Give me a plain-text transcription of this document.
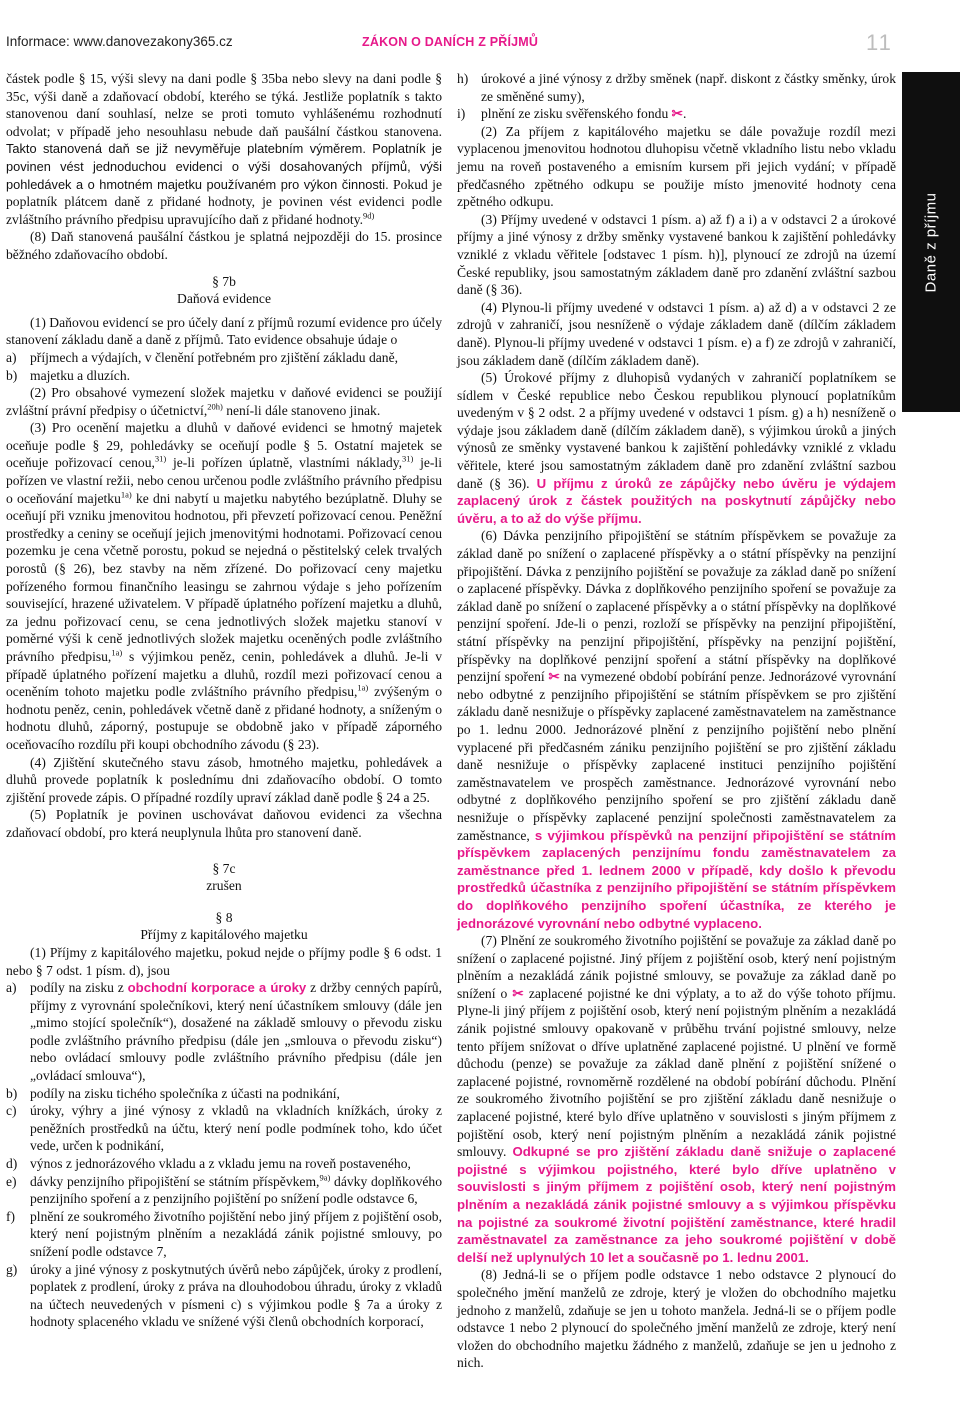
Informace: www.danovezakony365.cz	ZÁKON O DANÍCH Z PŘÍJMŮ	11
Daně z příjmu

částek podle § 15, výši slevy na dani podle § 35ba nebo slevy na dani podle § 35c, výši daně a zdaňovací období, kterého se týká. Jestliže poplatník s takto stanovenou daní souhlasí, nelze se proti tomuto vyhlášenému rozhodnutí odvolat; v případě jeho nesouhlasu nebude daň paušální částkou stanovena. Takto stanovená daň se již nevyměřuje platebním výměrem. Poplatník je povinen vést jednoduchou evidenci o výši dosahovaných příjmů, výši pohledávek a o hmotném majetku používaném pro výkon činnosti. Pokud je poplatník plátcem daně z přidané hodnoty, je povinen vést evidenci podle zvláštního právního předpisu upravujícího daň z přidané hodnoty.$^{9d)}$

(8) Daň stanovená paušální částkou je splatná nejpozději do 15. prosince běžného zdaňovacího období.

§ 7b

Daňová evidence

(1) Daňovou evidencí se pro účely daní z příjmů rozumí evidence pro účely stanovení základu daně a daně z příjmů. Tato evidence obsahuje údaje o

a) příjmech a výdajích, v členění potřebném pro zjištění základu daně,
b) majetku a dluzích.

(2) Pro obsahové vymezení složek majetku v daňové evidenci se použijí zvláštní právní předpisy o účetnictví,$^{20h)}$ není-li dále stanoveno jinak.

(3) Pro ocenění majetku a dluhů v daňové evidenci se hmotný majetek oceňuje podle § 29, pohledávky se oceňují podle § 5. Ostatní majetek se oceňuje pořizovací cenou,$^{31)}$ je-li pořízen úplatně, vlastními náklady,$^{31)}$ je-li pořízen ve vlastní režii, nebo cenou určenou podle zvláštního právního předpisu o oceňování majetku$^{1a)}$ ke dni nabytí u majetku nabytého bezúplatně. Dluhy se oceňují při vzniku jmenovitou hodnotou, při převzetí pořizovací cenou. Peněžní prostředky a ceniny se oceňují jejich jmenovitými hodnotami. Pořizovací cenou pozemku je cena včetně porostu, pokud se nejedná o pěstitelský celek trvalých porostů (§ 26), bez stavby na něm zřízené. Do pořizovací ceny majetku pořízeného formou finančního leasingu se zahrnou výdaje s jeho pořízením související, hrazené uživatelem. V případě úplatného pořízení majetku a dluhů, za jednu pořizovací cenu, se cena jednotlivých složek majetku stanoví v poměrné výši k ceně jednotlivých složek majetku oceněných podle zvláštního právního předpisu,$^{1a)}$ s výjimkou peněz, cenin, pohledávek a dluhů. Je-li v případě úplatného pořízení majetku a dluhů, rozdíl mezi pořizovací cenou a oceněním tohoto majetku podle zvláštního právního předpisu,$^{1a)}$ zvýšeným o hodnotu peněz, cenin, pohledávek včetně daně z přidané hodnoty, a sníženým o hodnotu dluhů, záporný, postupuje se obdobně jako v případě záporného oceňovacího rozdílu při koupi obchodního závodu (§ 23).

(4) Zjištění skutečného stavu zásob, hmotného majetku, pohledávek a dluhů provede poplatník k poslednímu dni zdaňovacího období. O tomto zjištění provede zápis. O případné rozdíly upraví základ daně podle § 24 a 25.

(5) Poplatník je povinen uschovávat daňovou evidenci za všechna zdaňovací období, pro která neuplynula lhůta pro stanovení daně.

§ 7c

zrušen

§ 8

Příjmy z kapitálového majetku

(1) Příjmy z kapitálového majetku, pokud nejde o příjmy podle § 6 odst. 1 nebo § 7 odst. 1 písm. d), jsou

a) podíly na zisku z obchodní korporace a úroky z držby cenných papírů, příjmy z vyrovnání společníkovi, který není účastníkem smlouvy (dále jen „mimo stojící společník“), dosažené na základě smlouvy o převodu zisku podle zvláštního právního předpisu (dále jen „smlouva o převodu zisku“) nebo ovládací smlouvy podle zvláštního právního předpisu (dále jen „ovládací smlouva“),
b) podíly na zisku tichého společníka z účasti na podnikání,
c) úroky, výhry a jiné výnosy z vkladů na vkladních knížkách, úroky z peněžních prostředků na účtu, který není podle podmínek toho, kdo účet vede, určen k podnikání,
d) výnos z jednorázového vkladu a z vkladu jemu na roveň postaveného,
e) dávky penzijního připojištění se státním příspěvkem,$^{9a)}$ dávky doplňkového penzijního spoření a z penzijního pojištění po snížení podle odstavce 6,
f)	plnění ze soukromého životního pojištění nebo jiný příjem z pojištění osob, který není pojistným plněním a nezakládá zánik pojistné smlouvy, po snížení podle odstavce 7,
g) úroky a jiné výnosy z poskytnutých úvěrů nebo zápůjček, úroky z prodlení, poplatek z prodlení, úroky z práva na dlouhodobou úhradu, úroky z vkladů na účtech neuvedených v písmeni c) s výjimkou podle § 7a a úroky z hodnoty splaceného vkladu ve snížené výši členů obchodních korporací,
h) úrokové a jiné výnosy z držby směnek (např. diskont z částky směnky, úrok ze směněné sumy),
i)	plnění ze zisku svěřenského fondu ✂.

(2) Za příjem z kapitálového majetku se dále považuje rozdíl mezi vyplacenou jmenovitou hodnotou dluhopisu včetně vkladního listu nebo vkladu jemu na roveň postaveného a emisním kursem při jejich vydání; v případě předčasného zpětného odkupu se použije místo jmenovité hodnoty cena zpětného odkupu.

(3) Příjmy uvedené v odstavci 1 písm. a) až f) a i) a v odstavci 2 a úrokové příjmy a jiné výnosy z držby směnky vystavené bankou k zajištění pohledávky vzniklé z vkladu věřitele [odstavec 1 písm. h)], plynoucí ze zdrojů na území České republiky, jsou samostatným základem daně pro zdanění zvláštní sazbou daně (§ 36).

(4) Plynou-li příjmy uvedené v odstavci 1 písm. a) až d) a v odstavci 2 ze zdrojů v zahraničí, jsou nesníženě o výdaje základem daně (dílčím základem daně). Plynou-li příjmy uvedené v odstavci 1 písm. e) a f) ze zdrojů v zahraničí, jsou základem daně (dílčím základem daně).

(5) Úrokové příjmy z dluhopisů vydaných v zahraničí poplatníkem se sídlem v České republice nebo Českou republikou plynoucí poplatníkům uvedeným v § 2 odst. 2 a příjmy uvedené v odstavci 1 písm. g) a h) nesníženě o výdaje jsou základem daně (dílčím základem daně), s výjimkou úroků a jiných výnosů ze směnky vystavené bankou k zajištění pohledávky vzniklé z vkladu věřitele, které jsou samostatným základem daně pro zdanění zvláštní sazbou daně (§ 36). U příjmu z úroků ze zápůjčky nebo úvěru je výdajem zaplacený úrok z částek použitých na poskytnutí zápůjčky nebo úvěru, a to až do výše příjmu.

(6) Dávka penzijního připojištění se státním příspěvkem se považuje za základ daně po snížení o zaplacené příspěvky a o státní příspěvky na penzijní připojištění. Dávka z penzijního pojištění se považuje za základ daně po snížení o zaplacené příspěvky. Dávka z doplňkového penzijního spoření se považuje za základ daně po snížení o zaplacené příspěvky a o státní příspěvky na doplňkové penzijní spoření. Jde-li o penzi, rozloží se příspěvky na penzijní připojištění, státní příspěvky na penzijní připojištění, příspěvky na penzijní pojištění, příspěvky na doplňkové penzijní spoření a státní příspěvky na doplňkové penzijní spoření ✂ na vymezené období pobírání penze. Jednorázové vyrovnání nebo odbytné z penzijního připojištění se státním příspěvkem se pro zjištění základu daně nesnižuje o příspěvky zaplacené zaměstnavatelem na zaměstnance po 1. lednu 2000. Jednorázové plnění z penzijního pojištění nebo plnění vyplacené při předčasném zániku penzijního pojištění se pro zjištění základu daně nesnižuje o příspěvky zaplacené instituci penzijního pojištění zaměstnavatelem ve prospěch zaměstnance. Jednorázové vyrovnání nebo odbytné z doplňkového penzijního spoření se pro zjištění základu daně nesnižuje o příspěvky zaplacené penzijní společnosti zaměstnavatelem za zaměstnance, s výjimkou příspěvků na penzijní připojištění se státním příspěvkem zaplacených penzijnímu fondu zaměstnavatelem za zaměstnance před 1. lednem 2000 v případě, kdy došlo k převodu prostředků účastníka z penzijního připojištění se státním příspěvkem do doplňkového penzijního spoření účastníka, ze kterého je jednorázové vyrovnání nebo odbytné vyplaceno.

(7) Plnění ze soukromého životního pojištění se považuje za základ daně po snížení o zaplacené pojistné. Jiný příjem z pojištění osob, který není pojistným plněním a nezakládá zánik pojistné smlouvy, se považuje za základ daně po snížení o ✂ zaplacené pojistné ke dni výplaty, a to až do výše tohoto příjmu. Plyne-li jiný příjem z pojištění osob, který není pojistným plněním a nezakládá zánik pojistné smlouvy opakovaně v průběhu trvání pojistné smlouvy, nelze tento příjem snížovat o dříve uplatněné zaplacené pojistné. U plnění ve formě důchodu (penze) se považuje za základ daně plnění z pojištění snížené o zaplacené pojistné, rovnoměrně rozdělené na období pobírání důchodu. Plnění ze soukromého životního pojištění se pro zjištění základu daně nesnižuje o zaplacené pojistné, které bylo dříve uplatněno v souvislosti s jiným příjmem z pojištění osob, který není pojistným plněním a nezakládá zánik pojistné smlouvy. Odkupné se pro zjištění základu daně snižuje o zaplacené pojistné s výjimkou pojistného, které bylo dříve uplatněno v souvislosti s jiným příjmem z pojištění osob, který není pojistným plněním a nezakládá zánik pojistné smlouvy a s výjimkou příspěvku na pojistné za soukromé životní pojištění zaměstnance, které hradil zaměstnavatel za zaměstnance za jeho soukromé pojištění v době delší než uplynulých 10 let a současně po 1. lednu 2001.

(8) Jedná-li se o příjem podle odstavce 1 nebo odstavce 2 plynoucí do společného jmění manželů ze zdroje, který je vložen do obchodního majetku jednoho z manželů, zdaňuje se jen u tohoto manžela. Jedná-li se o příjem podle odstavce 1 nebo 2 plynoucí do společného jmění manželů ze zdroje, který není vložen do obchodního majetku žádného z manželů, zdaňuje se jen u jednoho z nich.
